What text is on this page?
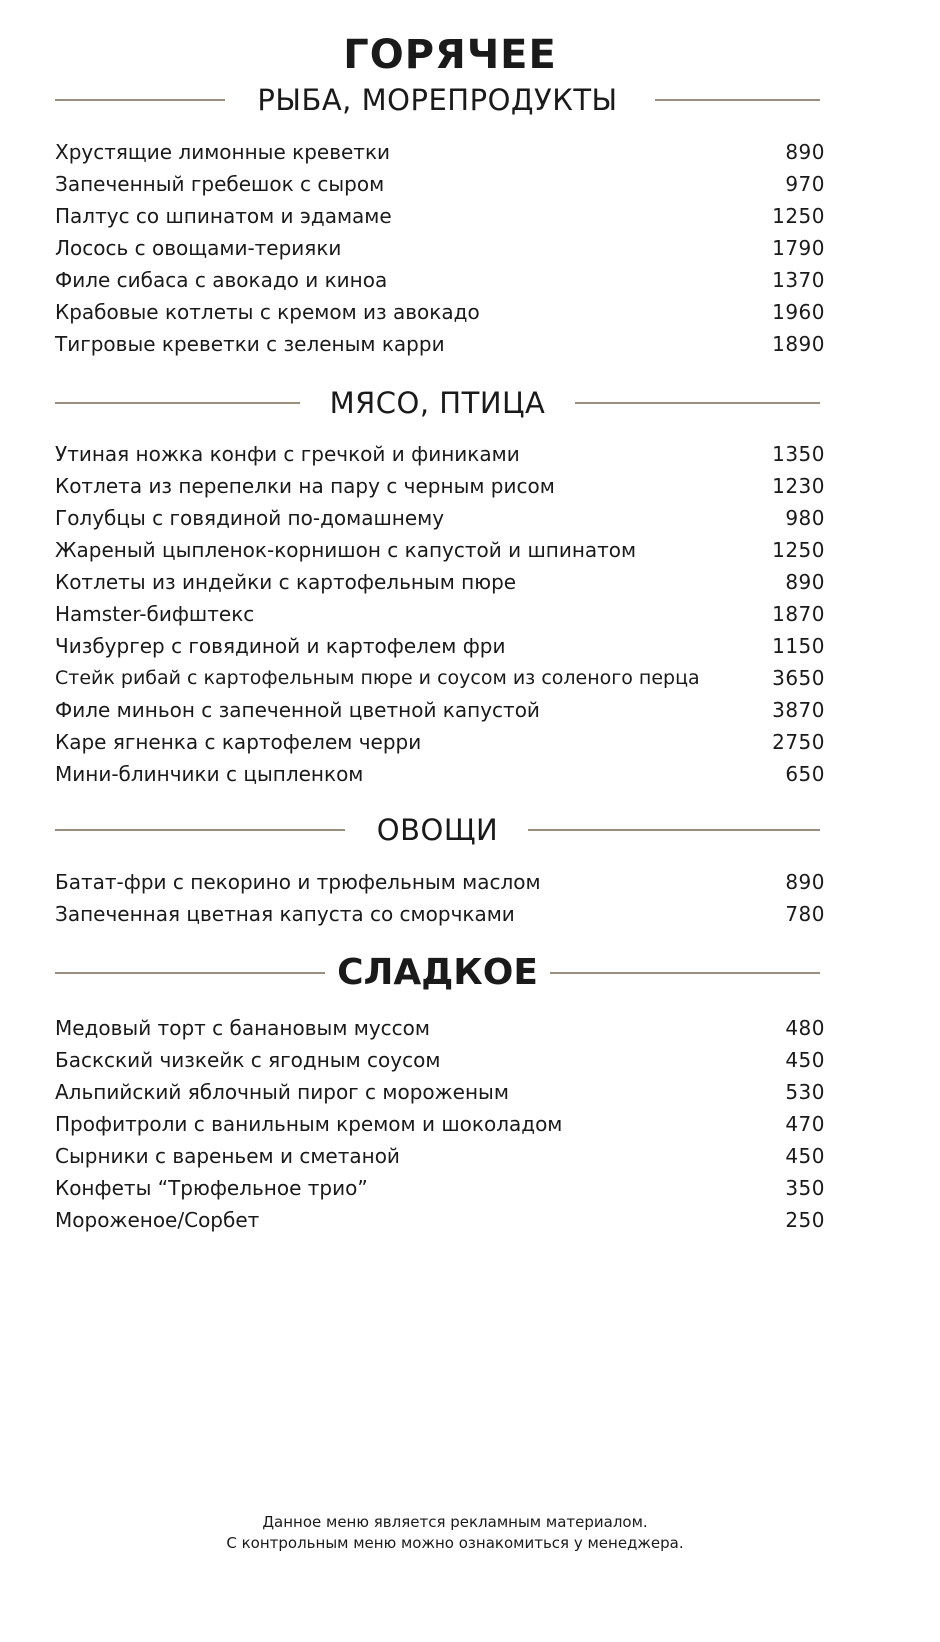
ГОРЯЧЕЕ
РЫБА, МОРЕПРОДУКТЫ
Хрустящие лимонные креветки	890
Запеченный гребешок с сыром	970
Палтус со шпинатом и эдамаме	1250
Лосось с овощами-терияки	1790
Филе сибаса с авокадо и киноа	1370
Крабовые котлеты с кремом из авокадо	1960
Тигровые креветки с зеленым карри	1890
МЯСО, ПТИЦА
Утиная ножка конфи с гречкой и финиками	1350
Котлета из перепелки на пару с черным рисом	1230
Голубцы с говядиной по-домашнему	980
Жареный цыпленок-корнишон с капустой и шпинатом	1250
Котлеты из индейки с картофельным пюре	890
Hamster-бифштекс	1870
Чизбургер с говядиной и картофелем фри	1150
Стейк рибай с картофельным пюре и соусом из соленого перца	3650
Филе миньон с запеченной цветной капустой	3870
Каре ягненка с картофелем черри	2750
Мини-блинчики с цыпленком	650
ОВОЩИ
Батат-фри с пекорино и трюфельным маслом	890
Запеченная цветная капуста со сморчками	780
СЛАДКОЕ
Медовый торт с банановым муссом	480
Баскский чизкейк с ягодным соусом	450
Альпийский яблочный пирог с мороженым	530
Профитроли с ванильным кремом и шоколадом	470
Сырники с вареньем и сметаной	450
Конфеты “Трюфельное трио”	350
Мороженое/Сорбет	250
Данное меню является рекламным материалом.
С контрольным меню можно ознакомиться у менеджера.
